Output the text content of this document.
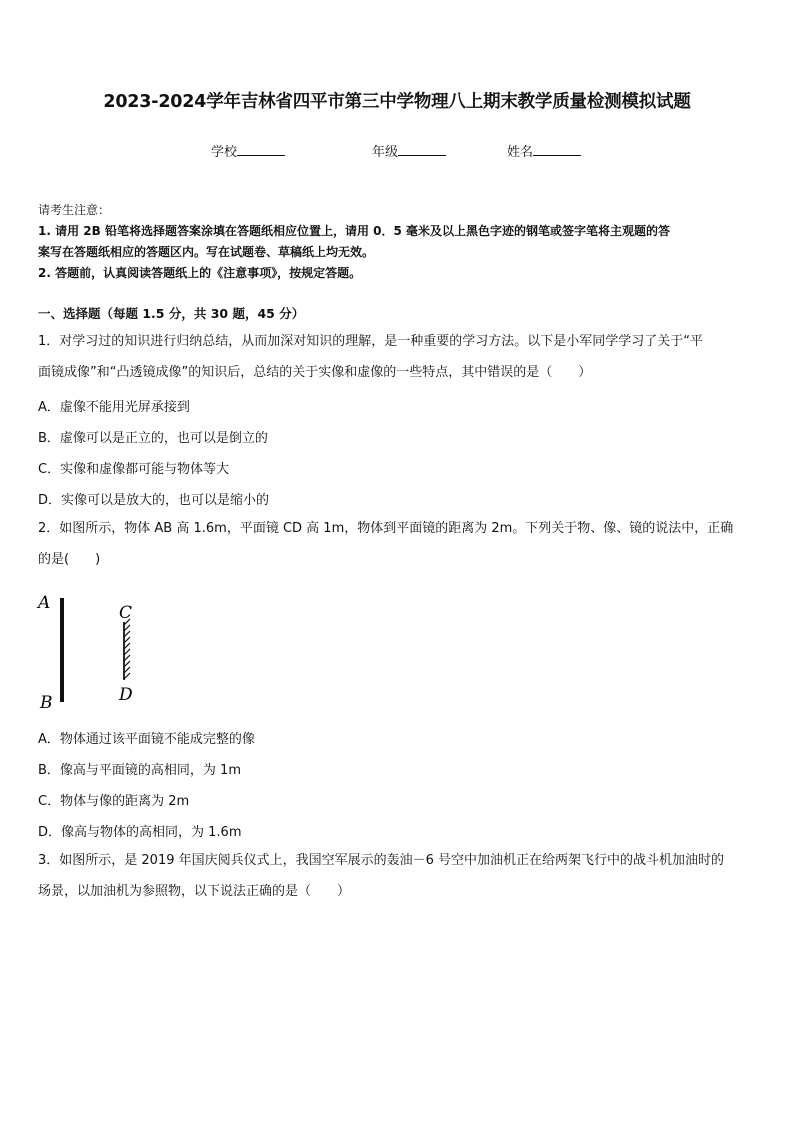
2023-2024学年吉林省四平市第三中学物理八上期末教学质量检测模拟试题
学校	年级	姓名
请考生注意：
1. 请用 2B 铅笔将选择题答案涂填在答题纸相应位置上，请用 0．5 毫米及以上黑色字迹的钢笔或签字笔将主观题的答
案写在答题纸相应的答题区内。写在试题卷、草稿纸上均无效。
2. 答题前，认真阅读答题纸上的《注意事项》，按规定答题。
一、选择题（每题 1.5 分，共 30 题，45 分）
1．对学习过的知识进行归纳总结，从而加深对知识的理解，是一种重要的学习方法。以下是小军同学学习了关于“平
面镜成像”和“凸透镜成像”的知识后，总结的关于实像和虚像的一些特点，其中错误的是（　　）
A．虚像不能用光屏承接到
B．虚像可以是正立的，也可以是倒立的
C．实像和虚像都可能与物体等大
D．实像可以是放大的，也可以是缩小的
2．如图所示，物体 AB 高 1.6m，平面镜 CD 高 1m，物体到平面镜的距离为 2m。下列关于物、像、镜的说法中，正确
的是(　　)
A
B
C
D
A．物体通过该平面镜不能成完整的像
B．像高与平面镜的高相同，为 1m
C．物体与像的距离为 2m
D．像高与物体的高相同，为 1.6m
3．如图所示，是 2019 年国庆阅兵仪式上，我国空军展示的轰油－6 号空中加油机正在给两架飞行中的战斗机加油时的
场景，以加油机为参照物，以下说法正确的是（　　）
